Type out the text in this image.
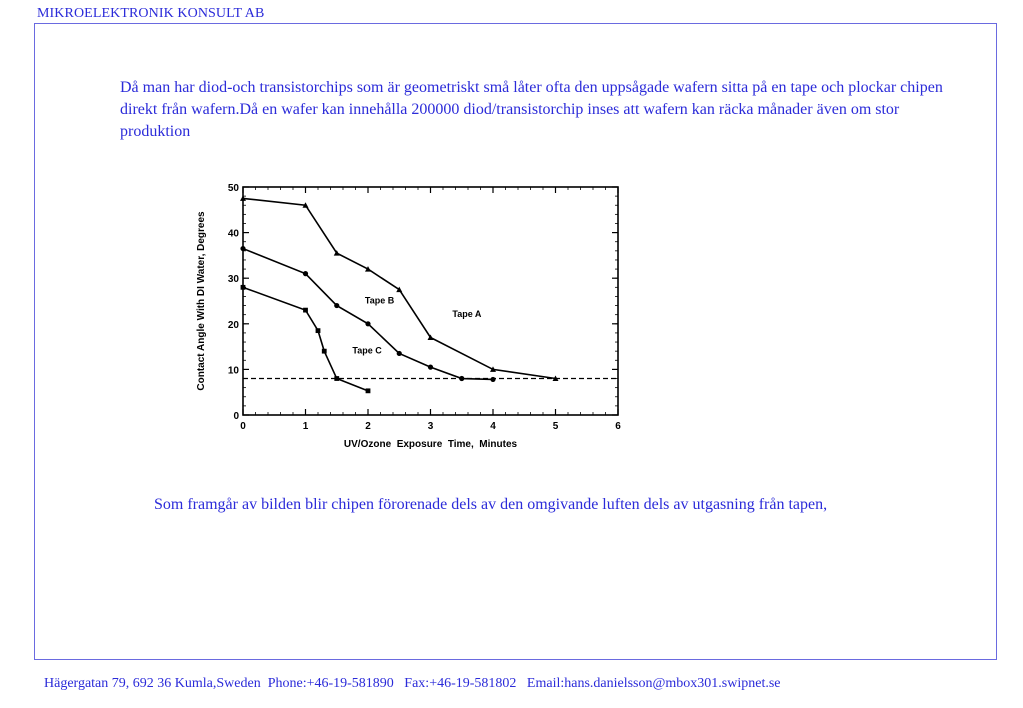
MIKROELEKTRONIK KONSULT AB
Då man har diod-och transistorchips som är geometriskt små låter ofta den uppsågade wafern sitta på en tape och plockar chipen direkt från wafern.Då en wafer kan innehålla 200000 diod/transistorchip inses att wafern kan räcka månader även om stor produktion
0	1	2	3	4	5	6
0
10
20
30
40
50
UV/Ozone  Exposure  Time,  Minutes
Contact Angle With DI Water, Degrees	Tape A
Tape B
Tape C
Som framgår av bilden blir chipen förorenade dels av den omgivande luften dels av utgasning från tapen,
Hägergatan 79, 692 36 Kumla,Sweden  Phone:+46-19-581890   Fax:+46-19-581802   Email:hans.danielsson@mbox301.swipnet.se
